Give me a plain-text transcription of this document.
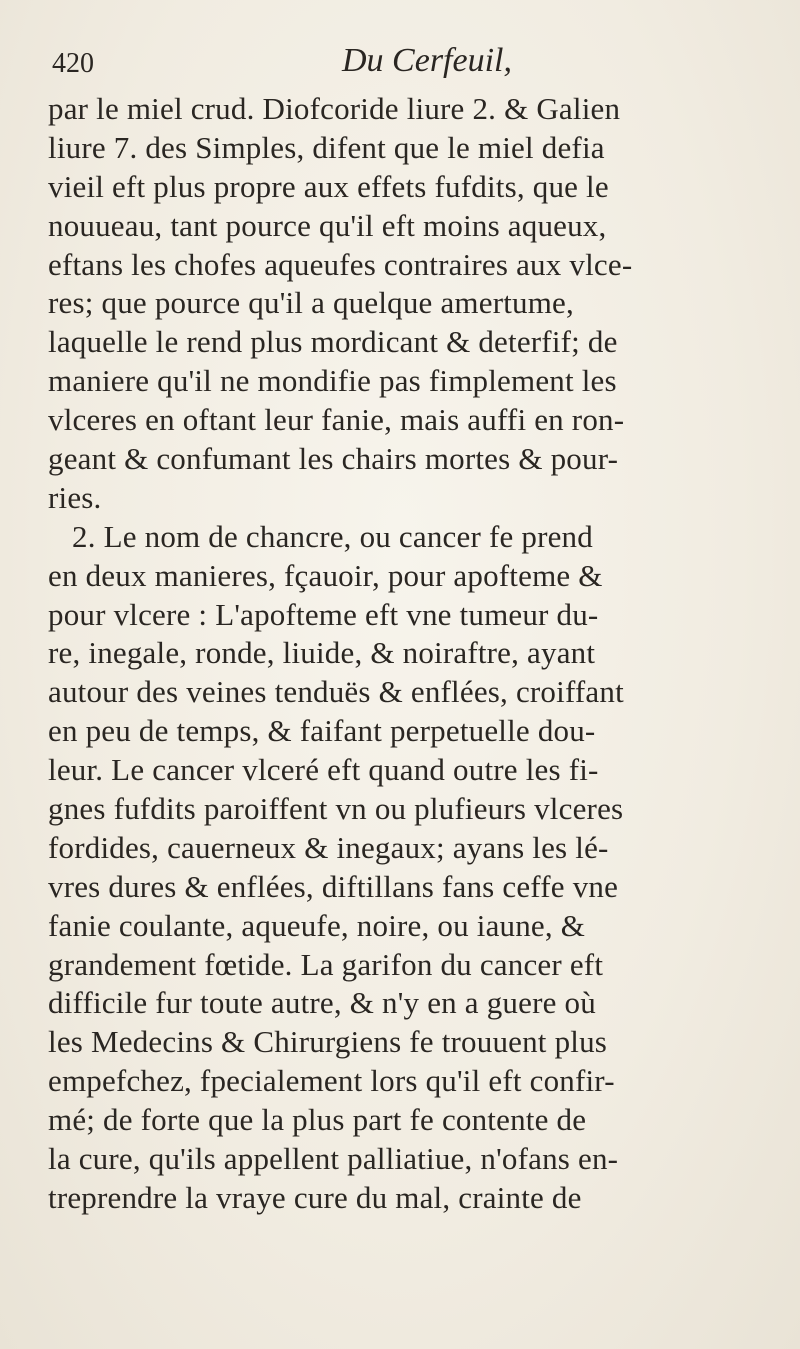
420	Du Cerfeuil,
par le miel crud. Diofcoride liure 2. & Galien
liure 7. des Simples, difent que le miel defia
vieil eft plus propre aux effets fufdits, que le
nouueau, tant pource qu'il eft moins aqueux,
eftans les chofes aqueufes contraires aux vlce-
res; que pource qu'il a quelque amertume,
laquelle le rend plus mordicant & deterfif; de
maniere qu'il ne mondifie pas fimplement les
vlceres en oftant leur fanie, mais auffi en ron-
geant & confumant les chairs mortes & pour-
ries.
2. Le nom de chancre, ou cancer fe prend
en deux manieres, fçauoir, pour apofteme &
pour vlcere : L'apofteme eft vne tumeur du-
re, inegale, ronde, liuide, & noiraftre, ayant
autour des veines tenduës & enflées, croiffant
en peu de temps, & faifant perpetuelle dou-
leur. Le cancer vlceré eft quand outre les fi-
gnes fufdits paroiffent vn ou plufieurs vlceres
fordides, cauerneux & inegaux; ayans les lé-
vres dures & enflées, diftillans fans ceffe vne
fanie coulante, aqueufe, noire, ou iaune, &
grandement fœtide. La garifon du cancer eft
difficile fur toute autre, & n'y en a guere où
les Medecins & Chirurgiens fe trouuent plus
empefchez, fpecialement lors qu'il eft confir-
mé; de forte que la plus part fe contente de
la cure, qu'ils appellent palliatiue, n'ofans en-
treprendre la vraye cure du mal, crainte de
